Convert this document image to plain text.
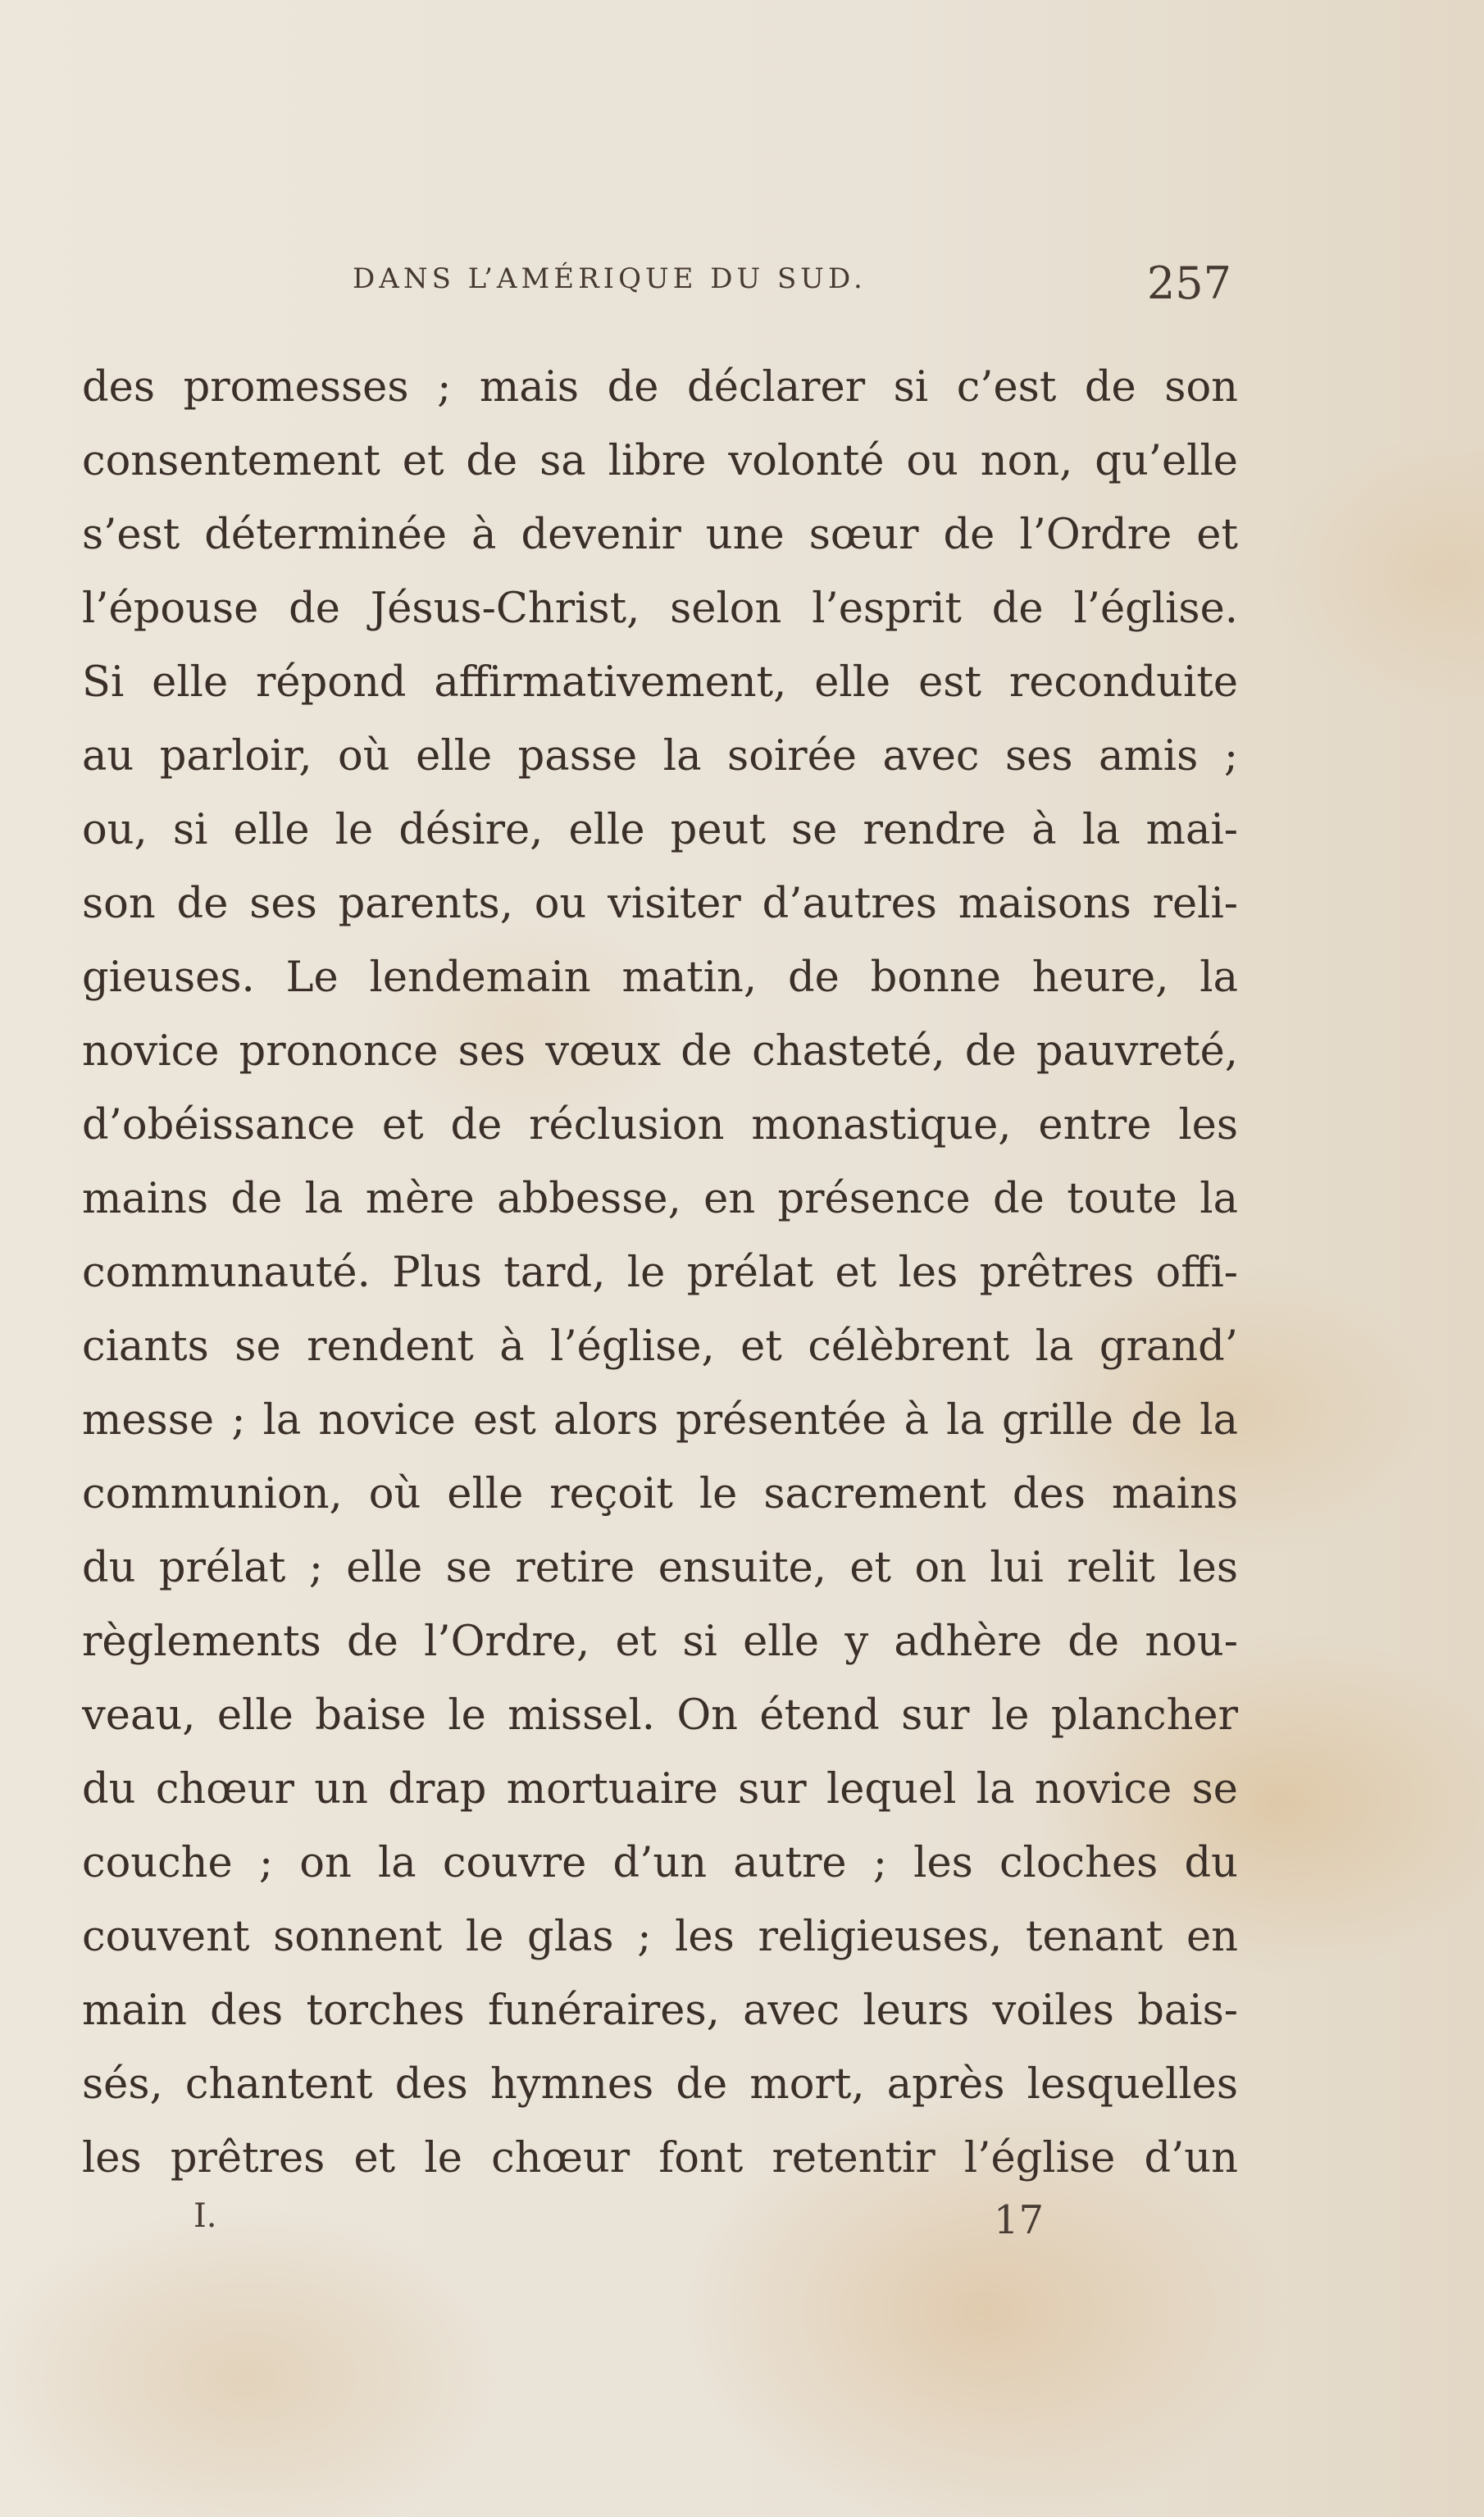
DANS L’AMÉRIQUE DU SUD.	257
des promesses ; mais de déclarer si c’est de son
consentement et de sa libre volonté ou non, qu’elle
s’est déterminée à devenir une sœur de l’Ordre et
l’épouse de Jésus-Christ, selon l’esprit de l’église.
Si elle répond affirmativement, elle est reconduite
au parloir, où elle passe la soirée avec ses amis ;
ou, si elle le désire, elle peut se rendre à la mai-
son de ses parents, ou visiter d’autres maisons reli-
gieuses. Le lendemain matin, de bonne heure, la
novice prononce ses vœux de chasteté, de pauvreté,
d’obéissance et de réclusion monastique, entre les
mains de la mère abbesse, en présence de toute la
communauté. Plus tard, le prélat et les prêtres offi-
ciants se rendent à l’église, et célèbrent la grand’
messe ; la novice est alors présentée à la grille de la
communion, où elle reçoit le sacrement des mains
du prélat ; elle se retire ensuite, et on lui relit les
règlements de l’Ordre, et si elle y adhère de nou-
veau, elle baise le missel. On étend sur le plancher
du chœur un drap mortuaire sur lequel la novice se
couche ; on la couvre d’un autre ; les cloches du
couvent sonnent le glas ; les religieuses, tenant en
main des torches funéraires, avec leurs voiles bais-
sés, chantent des hymnes de mort, après lesquelles
les prêtres et le chœur font retentir l’église d’un
I.	17
